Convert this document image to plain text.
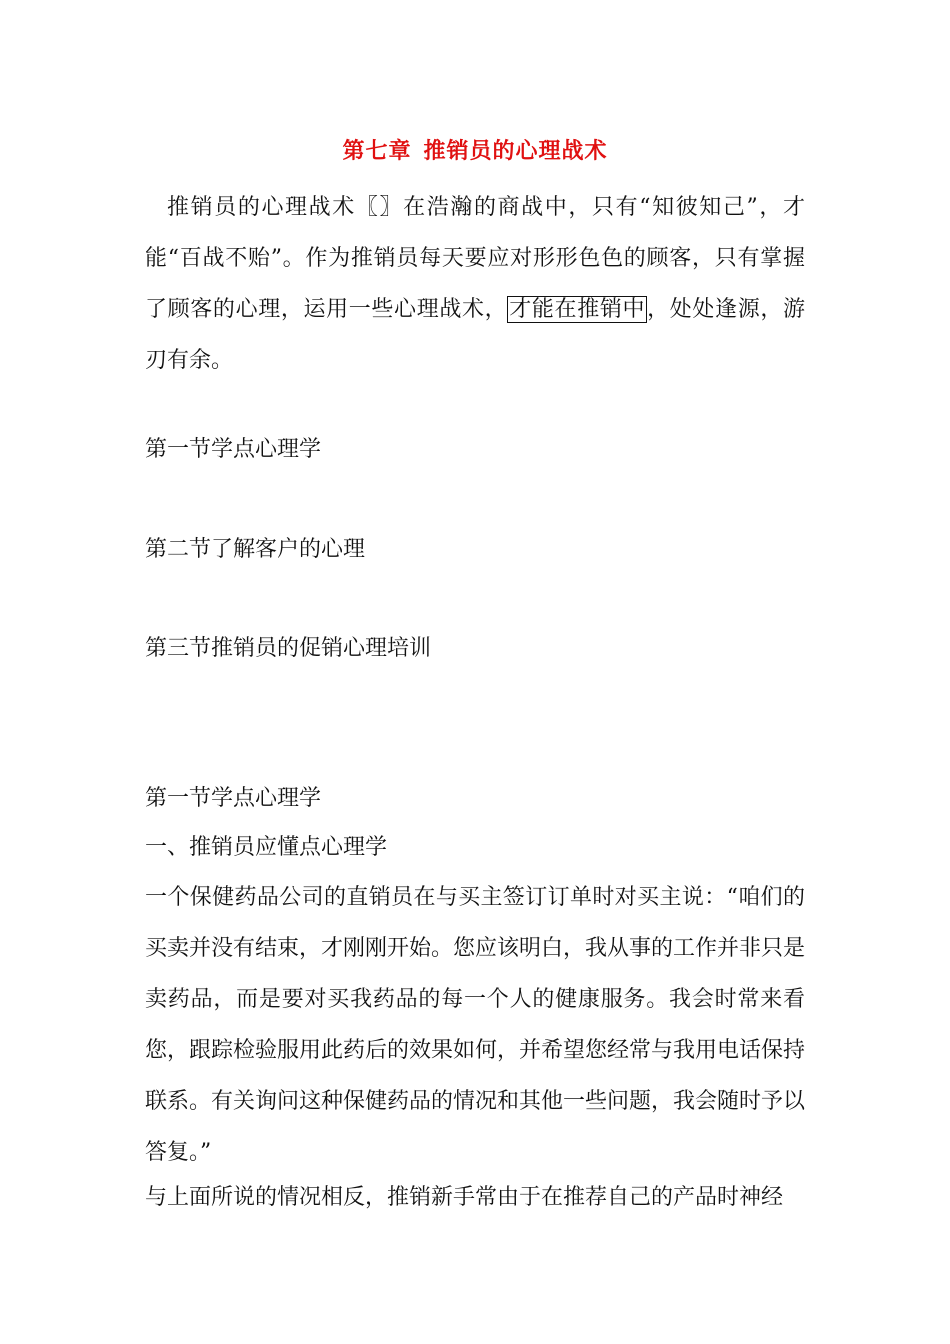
第七章 推销员的心理战术

推销员的心理战术〖〗在浩瀚的商战中，只有“知彼知己”，才能“百战不贻”。作为推销员每天要应对形形色色的顾客，只有掌握了顾客的心理，运用一些心理战术，才能在推销中，处处逢源，游刃有余。

第一节学点心理学
第二节了解客户的心理
第三节推销员的促销心理培训
第一节学点心理学
一、推销员应懂点心理学

一个保健药品公司的直销员在与买主签订订单时对买主说：“咱们的买卖并没有结束，才刚刚开始。您应该明白，我从事的工作并非只是卖药品，而是要对买我药品的每一个人的健康服务。我会时常来看您，跟踪检验服用此药后的效果如何，并希望您经常与我用电话保持联系。有关询问这种保健药品的情况和其他一些问题，我会随时予以答复。”

与上面所说的情况相反，推销新手常由于在推荐自己的产品时神经
